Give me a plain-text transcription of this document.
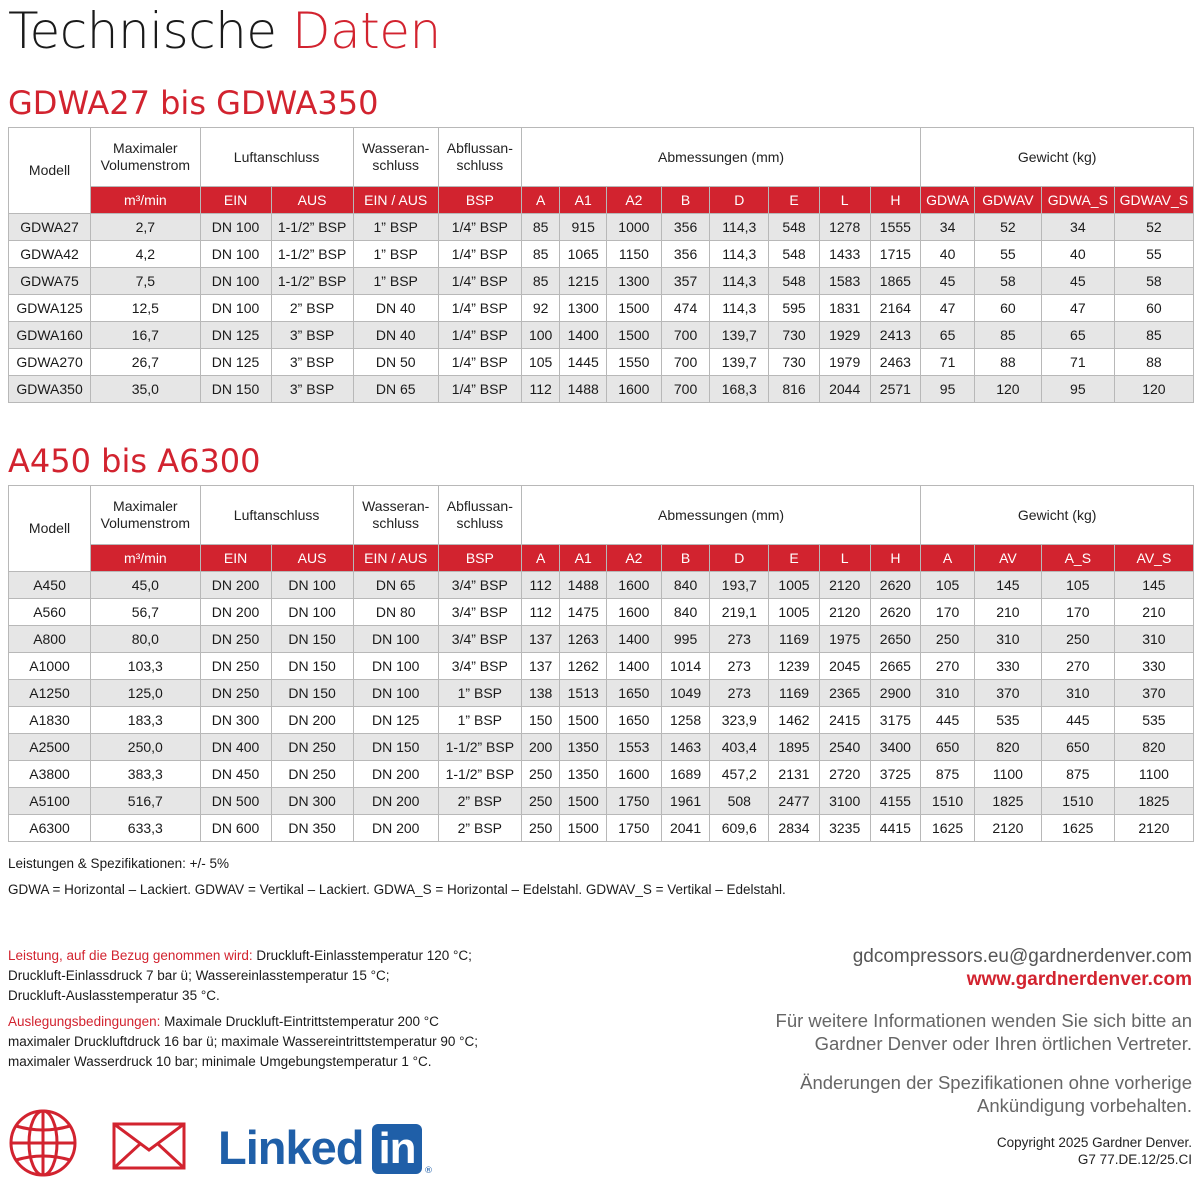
Technische Daten
GDWA27 bis GDWA350
Modell	Maximaler Volumenstrom	Luftanschluss		Wasseran-schluss	Abflussan-schluss	Abmessungen (mm)								Gewicht (kg)			
	m³/min	EIN	AUS	EIN / AUS	BSP	A	A1	A2	B	D	E	L	H	GDWA	GDWAV	GDWA_S	GDWAV_S
GDWA27	2,7	DN 100	1-1/2” BSP	1” BSP	1/4” BSP	85	915	1000	356	114,3	548	1278	1555	34	52	34	52
GDWA42	4,2	DN 100	1-1/2” BSP	1” BSP	1/4” BSP	85	1065	1150	356	114,3	548	1433	1715	40	55	40	55
GDWA75	7,5	DN 100	1-1/2” BSP	1” BSP	1/4” BSP	85	1215	1300	357	114,3	548	1583	1865	45	58	45	58
GDWA125	12,5	DN 100	2” BSP	DN 40	1/4” BSP	92	1300	1500	474	114,3	595	1831	2164	47	60	47	60
GDWA160	16,7	DN 125	3” BSP	DN 40	1/4” BSP	100	1400	1500	700	139,7	730	1929	2413	65	85	65	85
GDWA270	26,7	DN 125	3” BSP	DN 50	1/4” BSP	105	1445	1550	700	139,7	730	1979	2463	71	88	71	88
GDWA350	35,0	DN 150	3” BSP	DN 65	1/4” BSP	112	1488	1600	700	168,3	816	2044	2571	95	120	95	120
A450 bis A6300
Modell	Maximaler Volumenstrom	Luftanschluss		Wasseran-schluss	Abflussan-schluss	Abmessungen (mm)								Gewicht (kg)			
	m³/min	EIN	AUS	EIN / AUS	BSP	A	A1	A2	B	D	E	L	H	A	AV	A_S	AV_S
A450	45,0	DN 200	DN 100	DN 65	3/4” BSP	112	1488	1600	840	193,7	1005	2120	2620	105	145	105	145
A560	56,7	DN 200	DN 100	DN 80	3/4” BSP	112	1475	1600	840	219,1	1005	2120	2620	170	210	170	210
A800	80,0	DN 250	DN 150	DN 100	3/4” BSP	137	1263	1400	995	273	1169	1975	2650	250	310	250	310
A1000	103,3	DN 250	DN 150	DN 100	3/4” BSP	137	1262	1400	1014	273	1239	2045	2665	270	330	270	330
A1250	125,0	DN 250	DN 150	DN 100	1” BSP	138	1513	1650	1049	273	1169	2365	2900	310	370	310	370
A1830	183,3	DN 300	DN 200	DN 125	1” BSP	150	1500	1650	1258	323,9	1462	2415	3175	445	535	445	535
A2500	250,0	DN 400	DN 250	DN 150	1-1/2” BSP	200	1350	1553	1463	403,4	1895	2540	3400	650	820	650	820
A3800	383,3	DN 450	DN 250	DN 200	1-1/2” BSP	250	1350	1600	1689	457,2	2131	2720	3725	875	1100	875	1100
A5100	516,7	DN 500	DN 300	DN 200	2” BSP	250	1500	1750	1961	508	2477	3100	4155	1510	1825	1510	1825
A6300	633,3	DN 600	DN 350	DN 200	2” BSP	250	1500	1750	2041	609,6	2834	3235	4415	1625	2120	1625	2120
Leistungen & Spezifikationen: +/- 5%
GDWA = Horizontal – Lackiert. GDWAV = Vertikal – Lackiert. GDWA_S = Horizontal – Edelstahl. GDWAV_S = Vertikal – Edelstahl.
Leistung, auf die Bezug genommen wird: Druckluft-Einlasstemperatur 120 °C;
Druckluft-Einlassdruck 7 bar ü; Wassereinlasstemperatur 15 °C;
Druckluft-Auslasstemperatur 35 °C.
Auslegungsbedingungen: Maximale Druckluft-Eintrittstemperatur 200 °C
maximaler Druckluftdruck 16 bar ü; maximale Wassereintrittstemperatur 90 °C;
maximaler Wasserdruck 10 bar; minimale Umgebungstemperatur 1 °C.
gdcompressors.eu@gardnerdenver.com
www.gardnerdenver.com
Für weitere Informationen wenden Sie sich bitte an
Gardner Denver oder Ihren örtlichen Vertreter.
Änderungen der Spezifikationen ohne vorherige
Ankündigung vorbehalten.
Copyright 2025 Gardner Denver.
G7 77.DE.12/25.CI
Linked in ®
